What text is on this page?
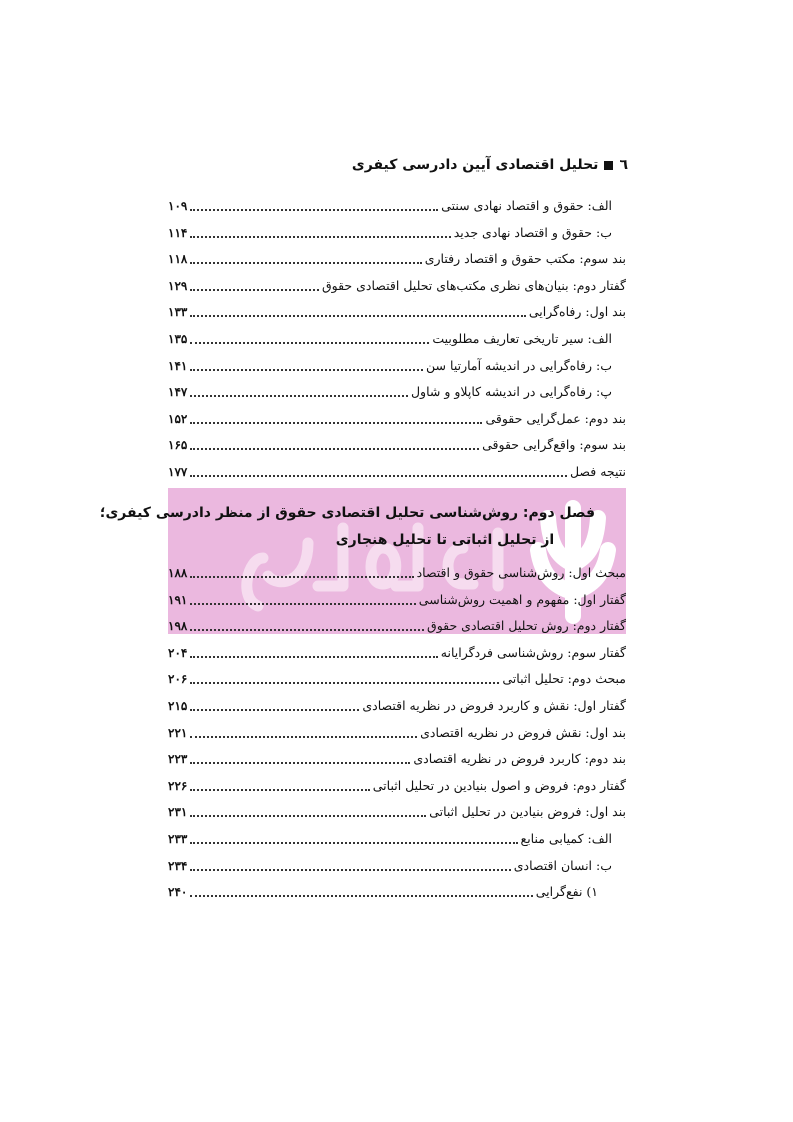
٦
تحلیل اقتصادی آیین دادرسی کیفری
فصل دوم: روش‌شناسی تحلیل اقتصادی حقوق از منظر دادرسی کیفری؛
از تحلیل اثباتی تا تحلیل هنجاری
الف: حقوق و اقتصاد نهادی سنتی
۱۰۹
ب: حقوق و اقتصاد نهادی جدید
۱۱۴
بند سوم: مکتب حقوق و اقتصاد رفتاری
۱۱۸
گفتار دوم: بنیان‌های نظری مکتب‌های تحلیل اقتصادی حقوق
۱۲۹
بند اول: رفاه‌گرایی
۱۳۳
الف: سیر تاریخی تعاریف مطلوبیت
۱۳۵
ب: رفاه‌گرایی در اندیشه آمارتیا سن
۱۴۱
پ: رفاه‌گرایی در اندیشه کاپلاو و شاول
۱۴۷
بند دوم: عمل‌گرایی حقوقی
۱۵۲
بند سوم: واقع‌گرایی حقوقی
۱۶۵
نتیجه فصل
۱۷۷
مبحث اول: روش‌شناسی حقوق و اقتصاد
۱۸۸
گفتار اول: مفهوم و اهمیت روش‌شناسی
۱۹۱
گفتار دوم: روش تحلیل اقتصادی حقوق
۱۹۸
گفتار سوم: روش‌شناسی فردگرایانه
۲۰۴
مبحث دوم: تحلیل اثباتی
۲۰۶
گفتار اول: نقش و کاربرد فروض در نظریه اقتصادی
۲۱۵
بند اول: نقش فروض در نظریه اقتصادی
۲۲۱
بند دوم: کاربرد فروض در نظریه اقتصادی
۲۲۳
گفتار دوم: فروض و اصول بنیادین در تحلیل اثباتی
۲۲۶
بند اول: فروض بنیادین در تحلیل اثباتی
۲۳۱
الف: کمیابی منابع
۲۳۳
ب: انسان اقتصادی
۲۳۴
۱) نفع‌گرایی
۲۴۰
